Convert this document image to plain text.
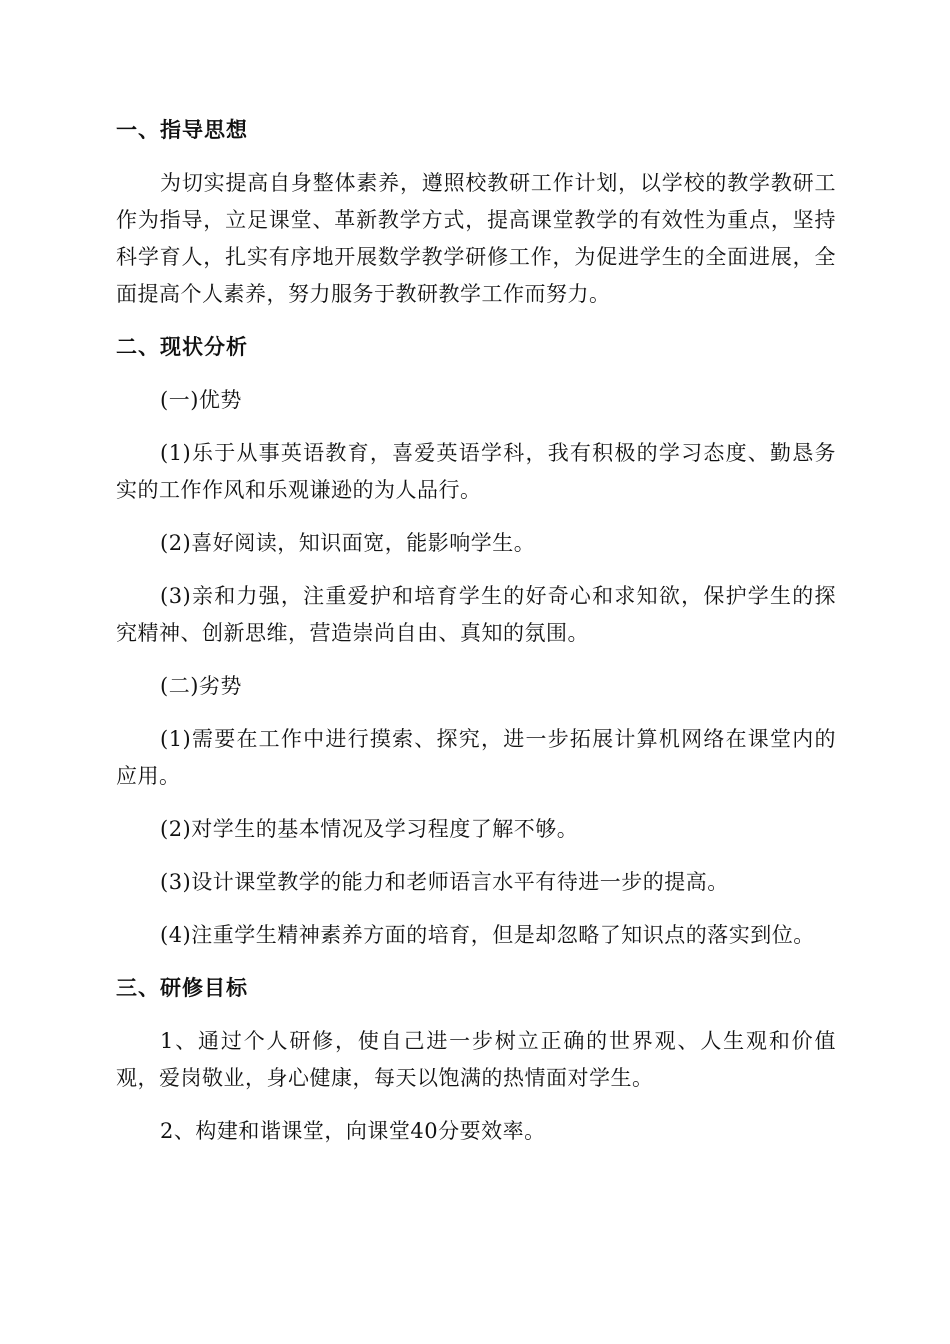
一、指导思想

为切实提高自身整体素养，遵照校教研工作计划，以学校的教学教研工作为指导，立足课堂、革新教学方式，提高课堂教学的有效性为重点，坚持科学育人，扎实有序地开展数学教学研修工作，为促进学生的全面进展，全面提高个人素养，努力服务于教研教学工作而努力。

二、现状分析

(一)优势

(1)乐于从事英语教育，喜爱英语学科，我有积极的学习态度、勤恳务实的工作作风和乐观谦逊的为人品行。

(2)喜好阅读，知识面宽，能影响学生。

(3)亲和力强，注重爱护和培育学生的好奇心和求知欲，保护学生的探究精神、创新思维，营造崇尚自由、真知的氛围。

(二)劣势

(1)需要在工作中进行摸索、探究，进一步拓展计算机网络在课堂内的应用。

(2)对学生的基本情况及学习程度了解不够。

(3)设计课堂教学的能力和老师语言水平有待进一步的提高。

(4)注重学生精神素养方面的培育，但是却忽略了知识点的落实到位。

三、研修目标

1、通过个人研修，使自己进一步树立正确的世界观、人生观和价值观，爱岗敬业，身心健康，每天以饱满的热情面对学生。

2、构建和谐课堂，向课堂40分要效率。
